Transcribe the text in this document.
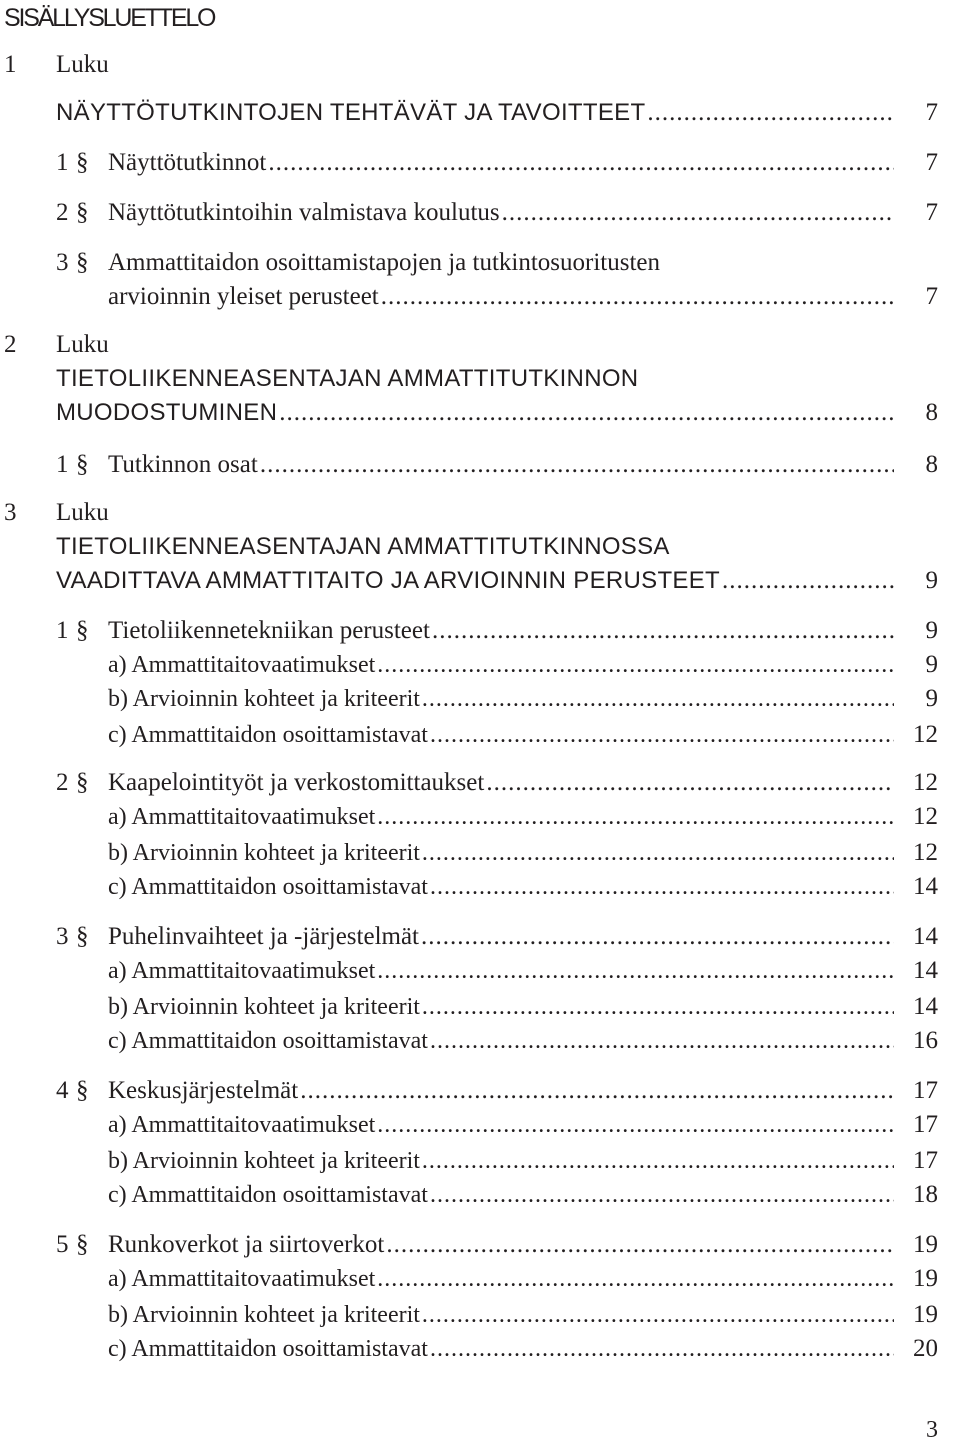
SISÄLLYSLUETTELO
1 Luku
NÄYTTÖTUTKINTOJEN TEHTÄVÄT JA TAVOITTEET .....	7
1 § Näyttötutkinnot .....	7
2 § Näyttötutkintoihin valmistava koulutus .....	7
3 § Ammattitaidon osoittamistapojen ja tutkintosuoritusten
arvioinnin yleiset perusteet .....	7
2 Luku
TIETOLIIKENNEASENTAJAN AMMATTITUTKINNON
MUODOSTUMINEN .....	8
1 § Tutkinnon osat .....	8
3 Luku
TIETOLIIKENNEASENTAJAN AMMATTITUTKINNOSSA
VAADITTAVA AMMATTITAITO JA ARVIOINNIN PERUSTEET .....	9
1 § Tietoliikennetekniikan perusteet .....	9
a) Ammattitaitovaatimukset .....	9
b) Arvioinnin kohteet ja kriteerit .....	9
c) Ammattitaidon osoittamistavat .....	12
2 § Kaapelointityöt ja verkostomittaukset .....	12
a) Ammattitaitovaatimukset .....	12
b) Arvioinnin kohteet ja kriteerit .....	12
c) Ammattitaidon osoittamistavat .....	14
3 § Puhelinvaihteet ja -järjestelmät .....	14
a) Ammattitaitovaatimukset .....	14
b) Arvioinnin kohteet ja kriteerit .....	14
c) Ammattitaidon osoittamistavat .....	16
4 § Keskusjärjestelmät .....	17
a) Ammattitaitovaatimukset .....	17
b) Arvioinnin kohteet ja kriteerit .....	17
c) Ammattitaidon osoittamistavat .....	18
5 § Runkoverkot ja siirtoverkot .....	19
a) Ammattitaitovaatimukset .....	19
b) Arvioinnin kohteet ja kriteerit .....	19
c) Ammattitaidon osoittamistavat .....	20
3
